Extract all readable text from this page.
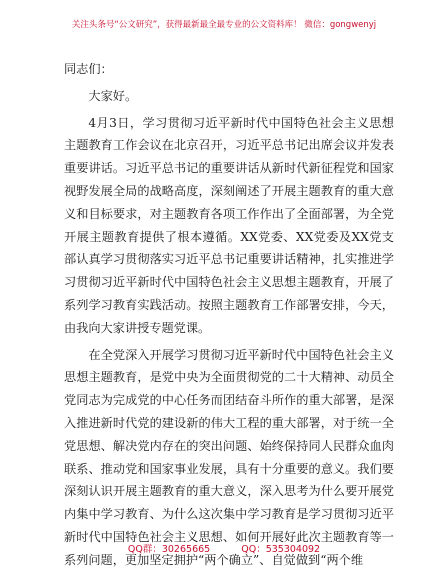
关注头条号“公文研究”，获得最新最全最专业的公文资料库！ 微信：gongwenyj

同志们：

大家好。

4月3日，学习贯彻习近平新时代中国特色社会主义思想主题教育工作会议在北京召开，习近平总书记出席会议并发表重要讲话。习近平总书记的重要讲话从新时代新征程党和国家视野发展全局的战略高度，深刻阐述了开展主题教育的重大意义和目标要求，对主题教育各项工作作出了全面部署，为全党开展主题教育提供了根本遵循。XX党委、XX党委及XX党支部认真学习贯彻落实习近平总书记重要讲话精神，扎实推进学习贯彻习近平新时代中国特色社会主义思想主题教育，开展了系列学习教育实践活动。按照主题教育工作部署安排，今天，由我向大家讲授专题党课。

在全党深入开展学习贯彻习近平新时代中国特色社会主义思想主题教育，是党中央为全面贯彻党的二十大精神、动员全党同志为完成党的中心任务而团结奋斗所作的重大部署，是深入推进新时代党的建设新的伟大工程的重大部署，对于统一全党思想、解决党内存在的突出问题、始终保持同人民群众血肉联系、推动党和国家事业发展，具有十分重要的意义。我们要深刻认识开展主题教育的重大意义，深入思考为什么要开展党内集中学习教育、为什么这次集中学习教育是学习贯彻习近平新时代中国特色社会主义思想、如何开展好此次主题教育等一系列问题，更加坚定拥护“两个确立”、自觉做到“两个维

QQ群：30265665	QQ：535304092
